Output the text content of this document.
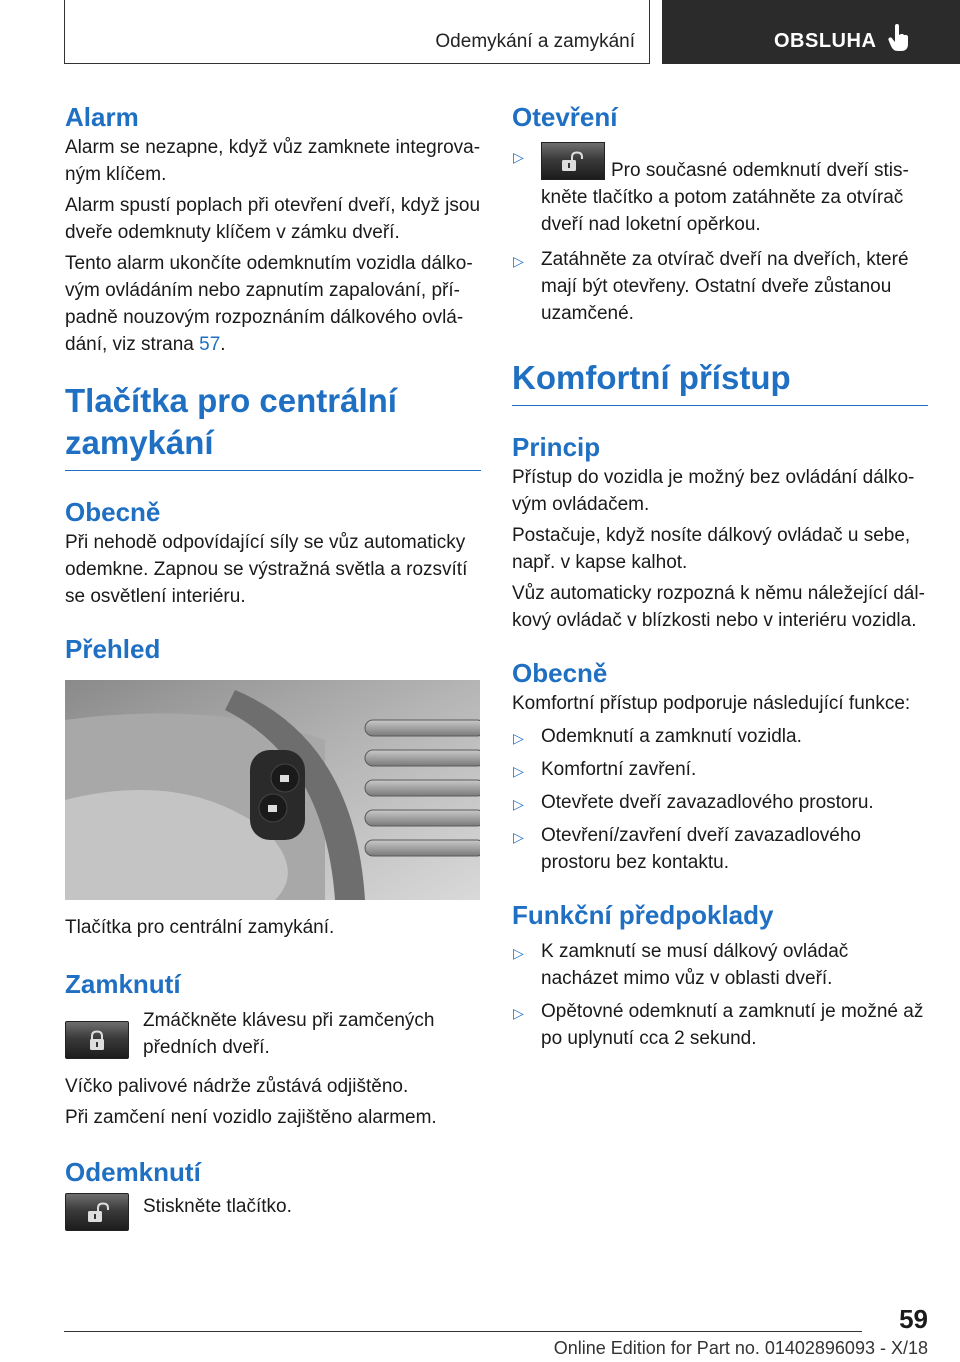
Odemykání a zamykání	OBSLUHA
Alarm

Alarm se nezapne, když vůz zamknete integrova‐ ným klíčem.

Alarm spustí poplach při otevření dveří, když jsou dveře odemknuty klíčem v zámku dveří.

Tento alarm ukončíte odemknutím vozidla dálko‐ vým ovládáním nebo zapnutím zapalování, pří‐ padně nouzovým rozpoznáním dálkového ovlá‐ dání, viz strana 57.

Tlačítka pro centrální zamykání
Obecně

Při nehodě odpovídající síly se vůz automaticky odemkne. Zapnou se výstražná světla a rozsvítí se osvětlení interiéru.

Přehled

Tlačítka pro centrální zamykání.

Zamknutí
Zmáčkněte klávesu při zamčených předních dveří.

Víčko palivové nádrže zůstává odjištěno.

Při zamčení není vozidlo zajištěno alarmem.

Odemknutí
Stiskněte tlačítko.
Otevření
▷
Pro současné odemknutí dveří stis‐ kněte tlačítko a potom zatáhněte za otvírač dveří nad loketní opěrkou.
▷ Zatáhněte za otvírač dveří na dveřích, které mají být otevřeny. Ostatní dveře zůstanou uzamčené.
Komfortní přístup
Princip

Přístup do vozidla je možný bez ovládání dálko‐ vým ovládačem.

Postačuje, když nosíte dálkový ovládač u sebe, např. v kapse kalhot.

Vůz automaticky rozpozná k němu náležející dál‐ kový ovládač v blízkosti nebo v interiéru vozidla.

Obecně

Komfortní přístup podporuje následující funkce:

▷ Odemknutí a zamknutí vozidla.
▷ Komfortní zavření.
▷ Otevřete dveří zavazadlového prostoru.
▷ Otevření/zavření dveří zavazadlového prostoru bez kontaktu.
Funkční předpoklady
▷ K zamknutí se musí dálkový ovládač nacházet mimo vůz v oblasti dveří.
▷ Opětovné odemknutí a zamknutí je možné až po uplynutí cca 2 sekund.
59
Online Edition for Part no. 01402896093 - X/18
